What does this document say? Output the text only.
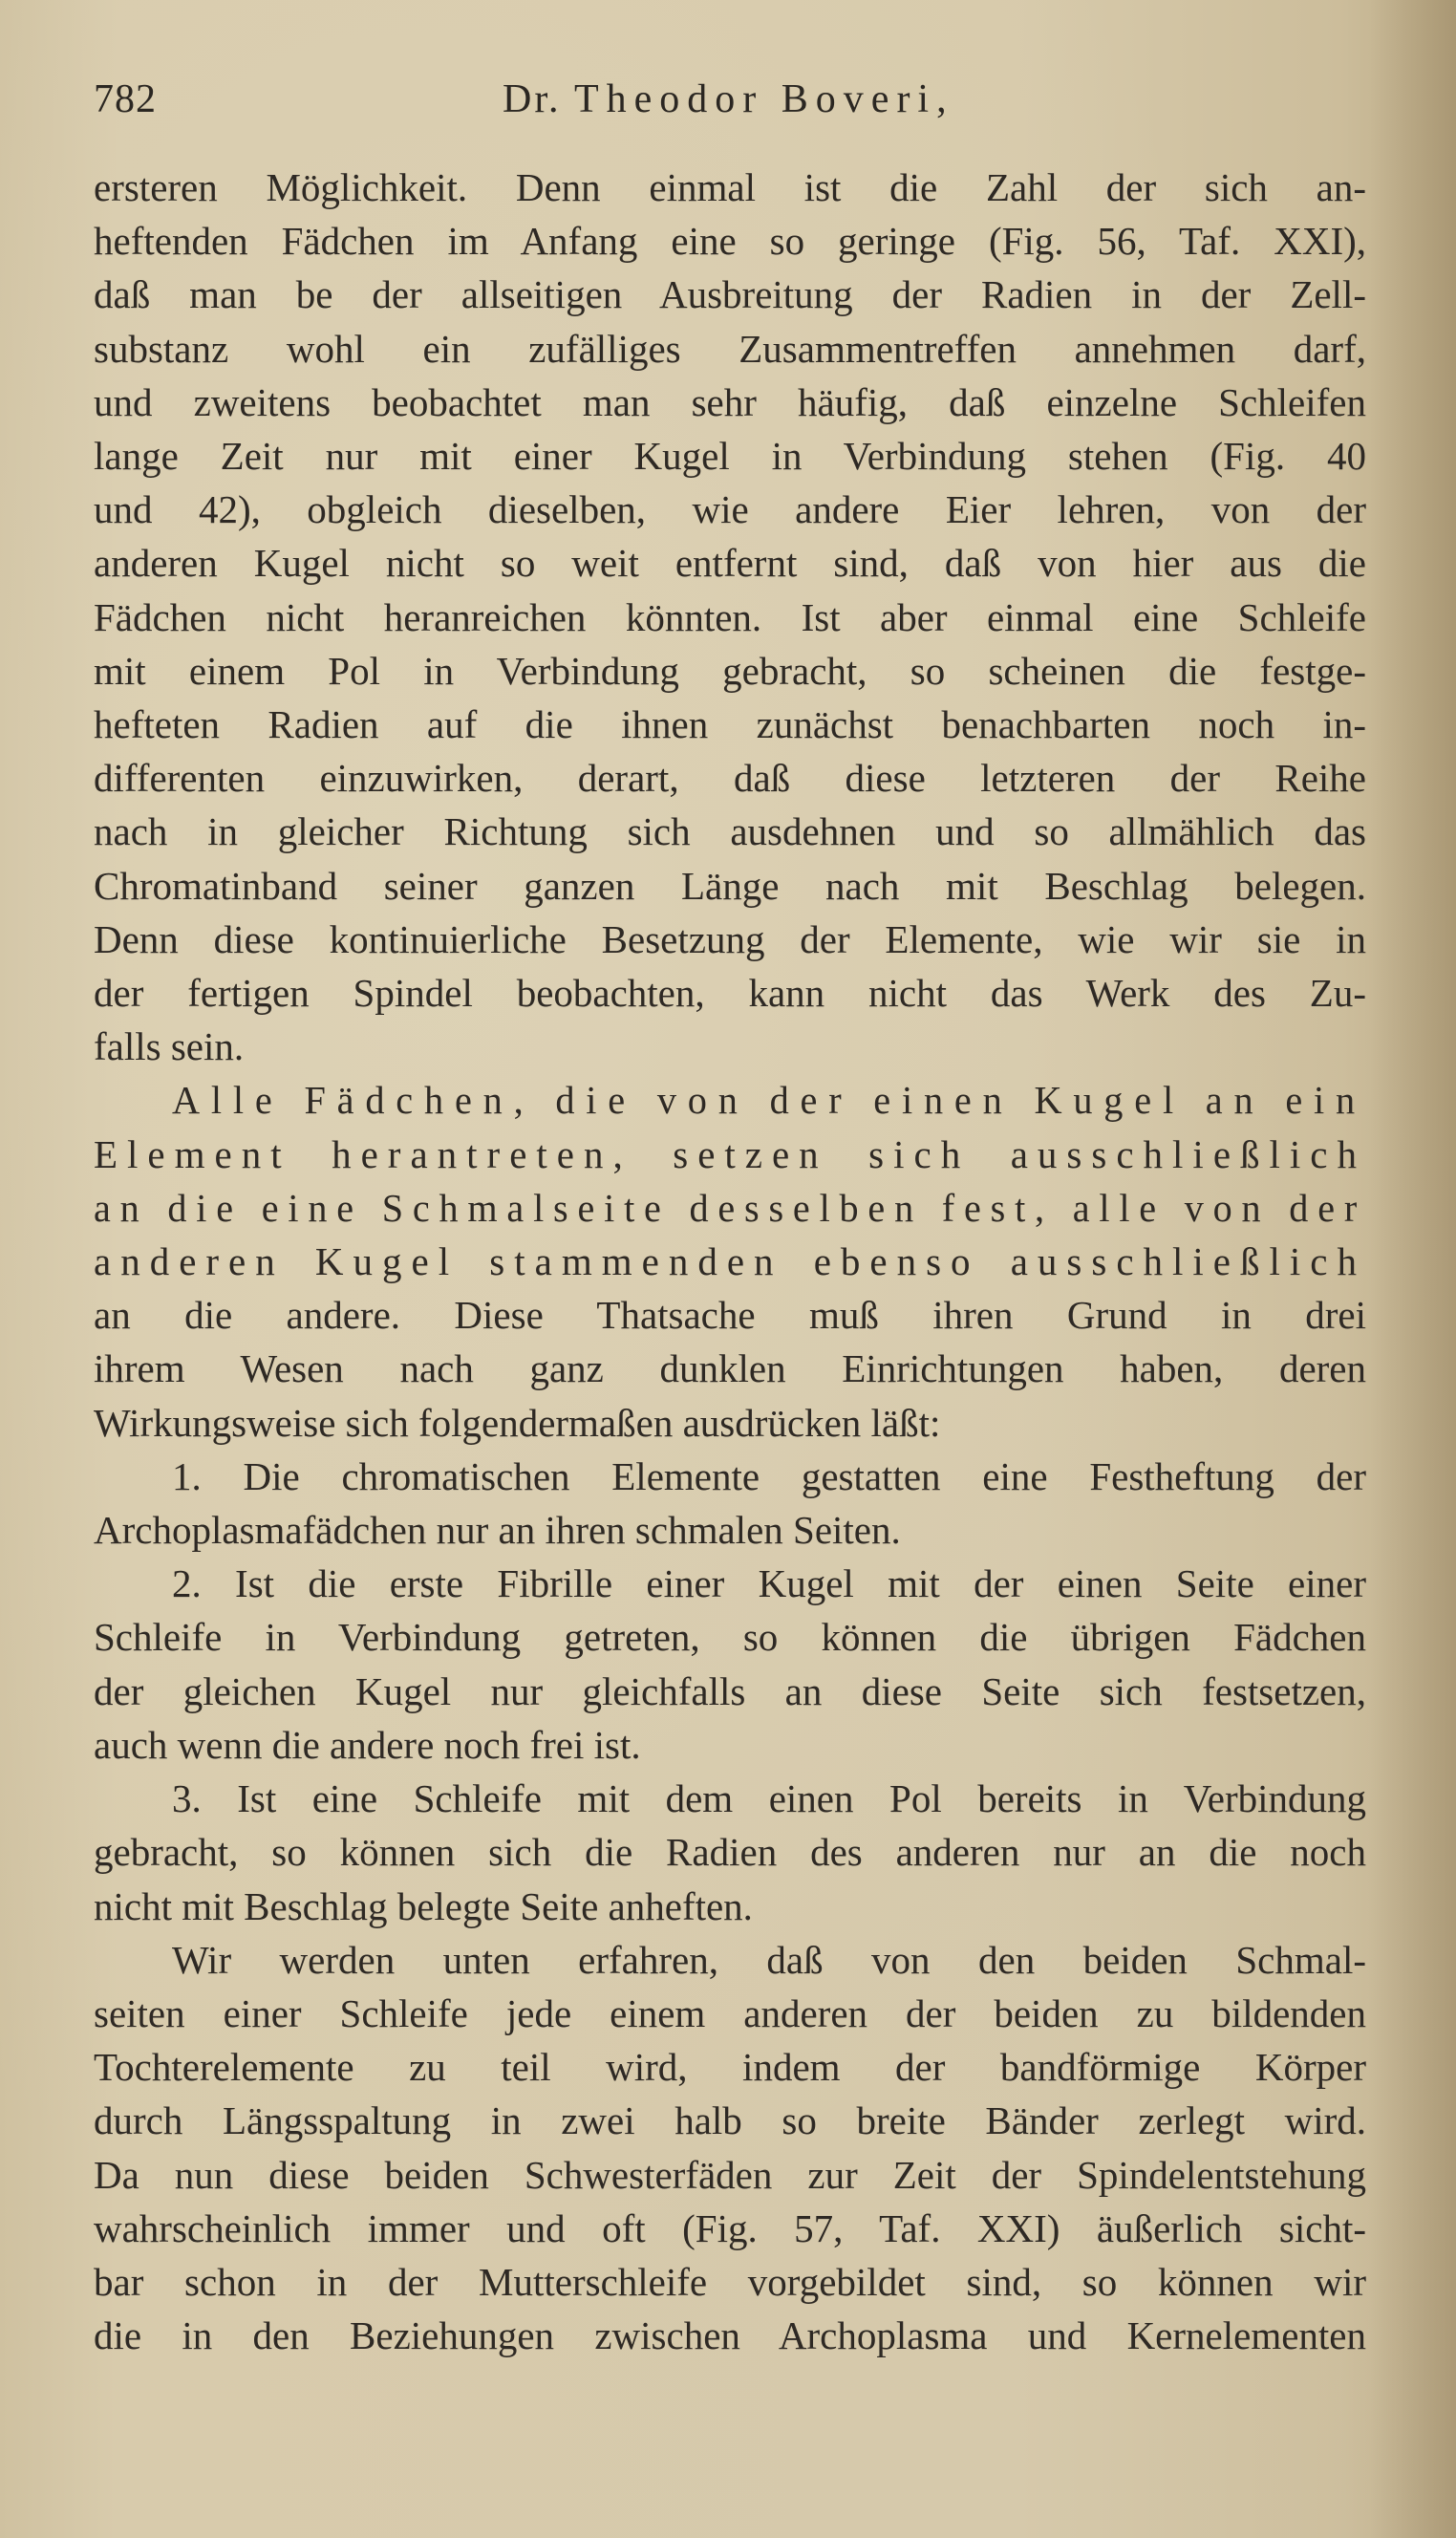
782	Dr. Theodor Boveri,

ersteren Möglichkeit. Denn einmal ist die Zahl der sich an-
heftenden Fädchen im Anfang eine so geringe (Fig. 56, Taf. XXI),
daß man be der allseitigen Ausbreitung der Radien in der Zell-
substanz wohl ein zufälliges Zusammentreffen annehmen darf,
und zweitens beobachtet man sehr häufig, daß einzelne Schleifen
lange Zeit nur mit einer Kugel in Verbindung stehen (Fig. 40
und 42), obgleich dieselben, wie andere Eier lehren, von der
anderen Kugel nicht so weit entfernt sind, daß von hier aus die
Fädchen nicht heranreichen könnten. Ist aber einmal eine Schleife
mit einem Pol in Verbindung gebracht, so scheinen die festge-
hefteten Radien auf die ihnen zunächst benachbarten noch in-
differenten einzuwirken, derart, daß diese letzteren der Reihe
nach in gleicher Richtung sich ausdehnen und so allmählich das
Chromatinband seiner ganzen Länge nach mit Beschlag belegen.
Denn diese kontinuierliche Besetzung der Elemente, wie wir sie in
der fertigen Spindel beobachten, kann nicht das Werk des Zu-
falls sein.

Alle Fädchen, die von der einen Kugel an ein
Element herantreten, setzen sich ausschließlich
an die eine Schmalseite desselben fest, alle von der
anderen Kugel stammenden ebenso ausschließlich
an die andere. Diese Thatsache muß ihren Grund in drei
ihrem Wesen nach ganz dunklen Einrichtungen haben, deren
Wirkungsweise sich folgendermaßen ausdrücken läßt:

1. Die chromatischen Elemente gestatten eine Festheftung der
Archoplasmafädchen nur an ihren schmalen Seiten.

2. Ist die erste Fibrille einer Kugel mit der einen Seite einer
Schleife in Verbindung getreten, so können die übrigen Fädchen
der gleichen Kugel nur gleichfalls an diese Seite sich festsetzen,
auch wenn die andere noch frei ist.

3. Ist eine Schleife mit dem einen Pol bereits in Verbindung
gebracht, so können sich die Radien des anderen nur an die noch
nicht mit Beschlag belegte Seite anheften.

Wir werden unten erfahren, daß von den beiden Schmal-
seiten einer Schleife jede einem anderen der beiden zu bildenden
Tochterelemente zu teil wird, indem der bandförmige Körper
durch Längsspaltung in zwei halb so breite Bänder zerlegt wird.
Da nun diese beiden Schwesterfäden zur Zeit der Spindelentstehung
wahrscheinlich immer und oft (Fig. 57, Taf. XXI) äußerlich sicht-
bar schon in der Mutterschleife vorgebildet sind, so können wir
die in den Beziehungen zwischen Archoplasma und Kernelementen
